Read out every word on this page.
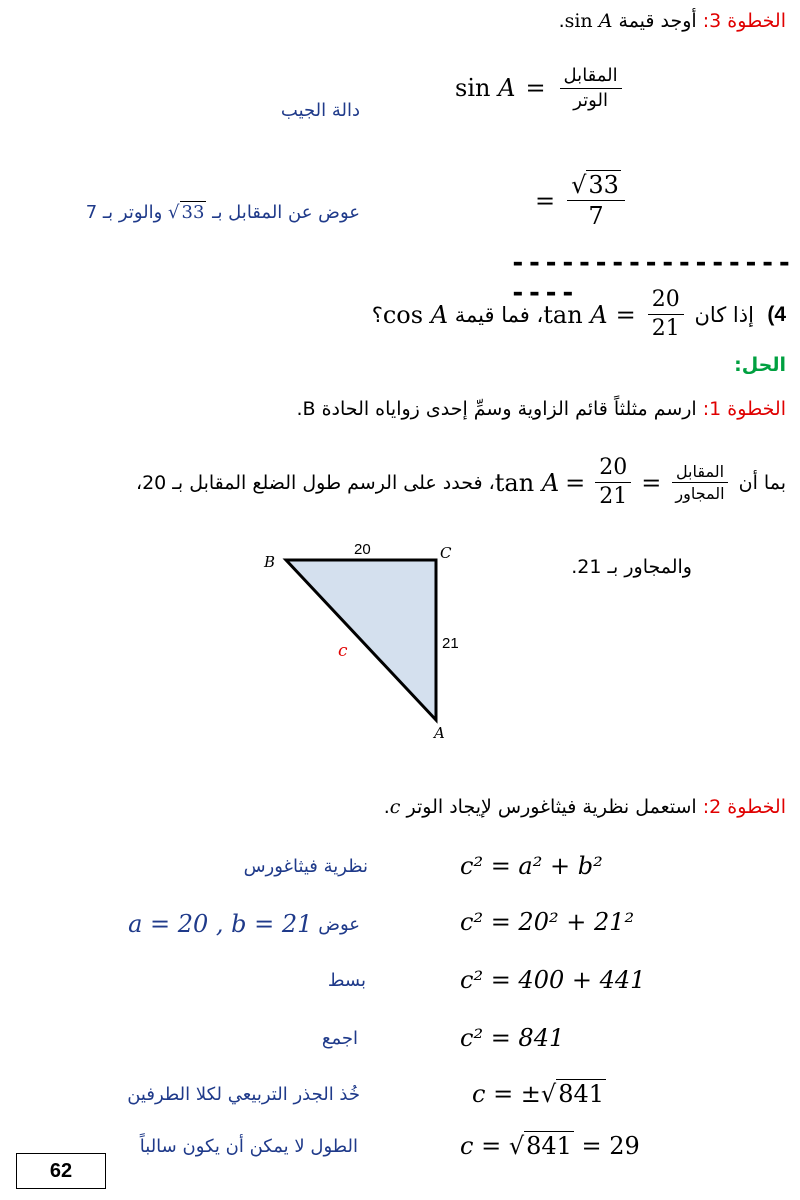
الخطوة 3: أوجد قيمة sin A.
sin
$A = \frac{\text{المقابل}}{\text{الوتر}}$
دالة الجيب
= $\frac{√33}{7}$
عوض عن المقابل بـ √ 33 والوتر بـ 7
---------------------
4)

إذا كان

tan
$A = \frac{20}{21}$
، فما قيمة

cos A
؟
الحل:
الخطوة 1: ارسم مثلثاً قائم الزاوية وسمِّ إحدى زواياه الحادة B.
بما أن

tan
$A = \frac{20}{21} = \frac{\text{المقابل}}{\text{المجاور}}$
، فحدد على الرسم طول الضلع المقابل بـ 20،
والمجاور بـ 21.
B	C
A
20
21
c
الخطوة 2: استعمل نظرية فيثاغورس لإيجاد الوتر c.
c² = a² + b²
نظرية فيثاغورس
c² = 20² + 21²
عوض

a = 20 , b = 21
c² = 400 + 441
بسط
c² = 841
اجمع
c = ±√841
خُذ الجذر التربيعي لكلا الطرفين
c = √841 = 29
الطول لا يمكن أن يكون سالباً
62
